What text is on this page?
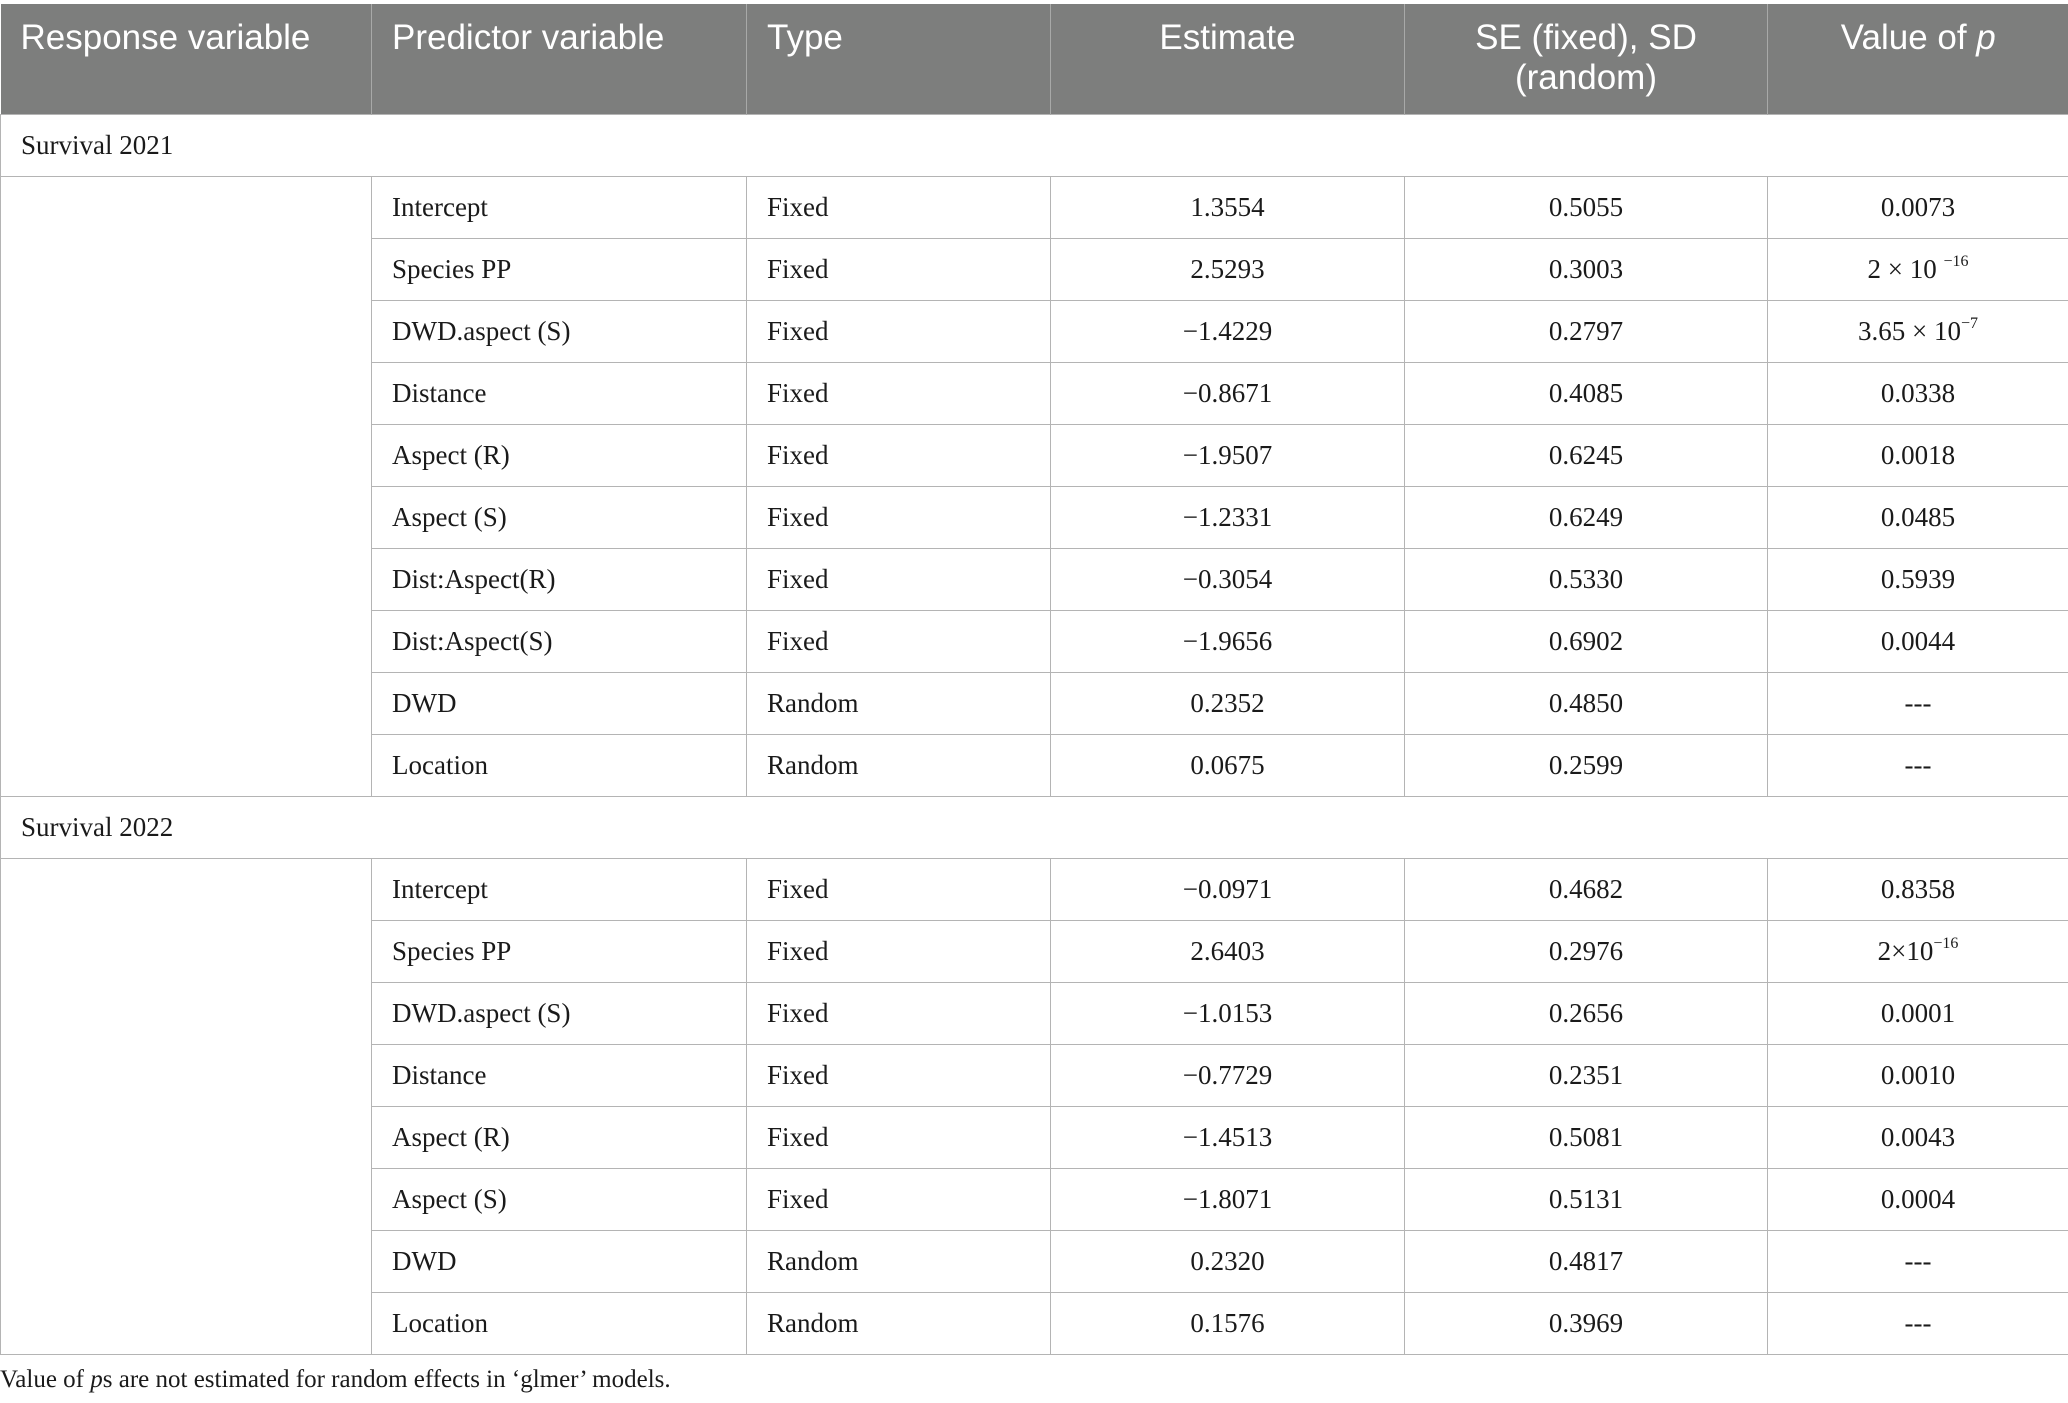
Response variable	Predictor variable	Type	Estimate	SE (fixed), SD (random)	Value of p
Survival 2021					
	Intercept	Fixed	1.3554	0.5055	0.0073
	Species PP	Fixed	2.5293	0.3003	2 × 10 $^{-16}$
	DWD.aspect (S)	Fixed	−1.4229	0.2797	$3.65 \times 10^{-7}$
	Distance	Fixed	−0.8671	0.4085	0.0338
	Aspect (R)	Fixed	−1.9507	0.6245	0.0018
	Aspect (S)	Fixed	−1.2331	0.6249	0.0485
	Dist:Aspect(R)	Fixed	−0.3054	0.5330	0.5939
	Dist:Aspect(S)	Fixed	−1.9656	0.6902	0.0044
	DWD	Random	0.2352	0.4850	---
	Location	Random	0.0675	0.2599	---
Survival 2022					
	Intercept	Fixed	−0.0971	0.4682	0.8358
	Species PP	Fixed	2.6403	0.2976	$2\times 10^{-16}$
	DWD.aspect (S)	Fixed	−1.0153	0.2656	0.0001
	Distance	Fixed	−0.7729	0.2351	0.0010
	Aspect (R)	Fixed	−1.4513	0.5081	0.0043
	Aspect (S)	Fixed	−1.8071	0.5131	0.0004
	DWD	Random	0.2320	0.4817	---
	Location	Random	0.1576	0.3969	---
Value of ps are not estimated for random effects in ‘glmer’ models.
